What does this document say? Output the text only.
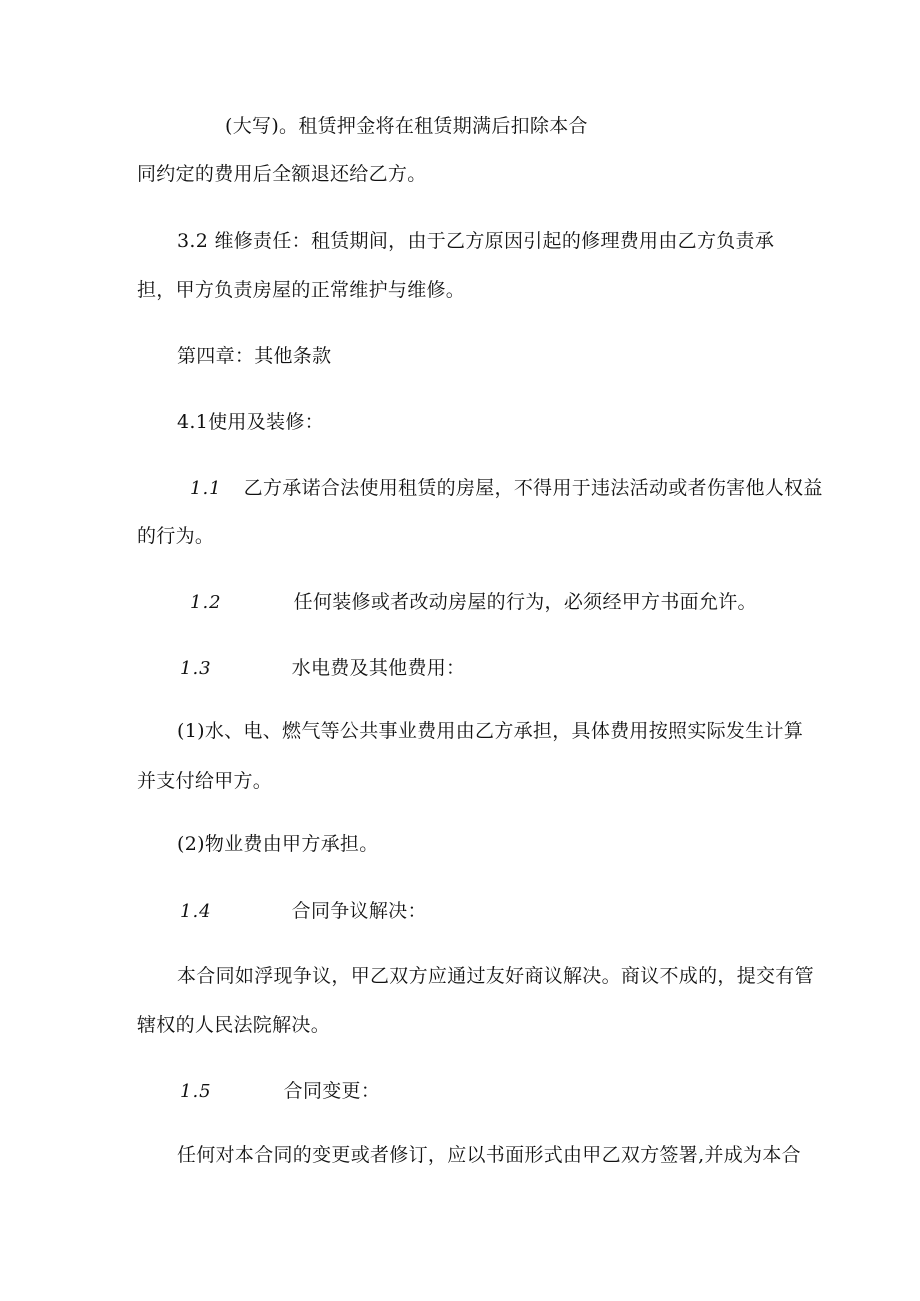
(大写)。租赁押金将在租赁期满后扣除本合
同约定的费用后全额退还给乙方。
3.2 维修责任：租赁期间，由于乙方原因引起的修理费用由乙方负责承
担，甲方负责房屋的正常维护与维修。
第四章：其他条款
4.1使用及装修：
1.1 乙方承诺合法使用租赁的房屋，不得用于违法活动或者伤害他人权益
的行为。
1.2	任何装修或者改动房屋的行为，必须经甲方书面允许。
1.3	水电费及其他费用：
(1)水、电、燃气等公共事业费用由乙方承担，具体费用按照实际发生计算
并支付给甲方。
(2)物业费由甲方承担。
1.4	合同争议解决：
本合同如浮现争议，甲乙双方应通过友好商议解决。商议不成的，提交有管
辖权的人民法院解决。
1.5	合同变更：
任何对本合同的变更或者修订，应以书面形式由甲乙双方签署,并成为本合
